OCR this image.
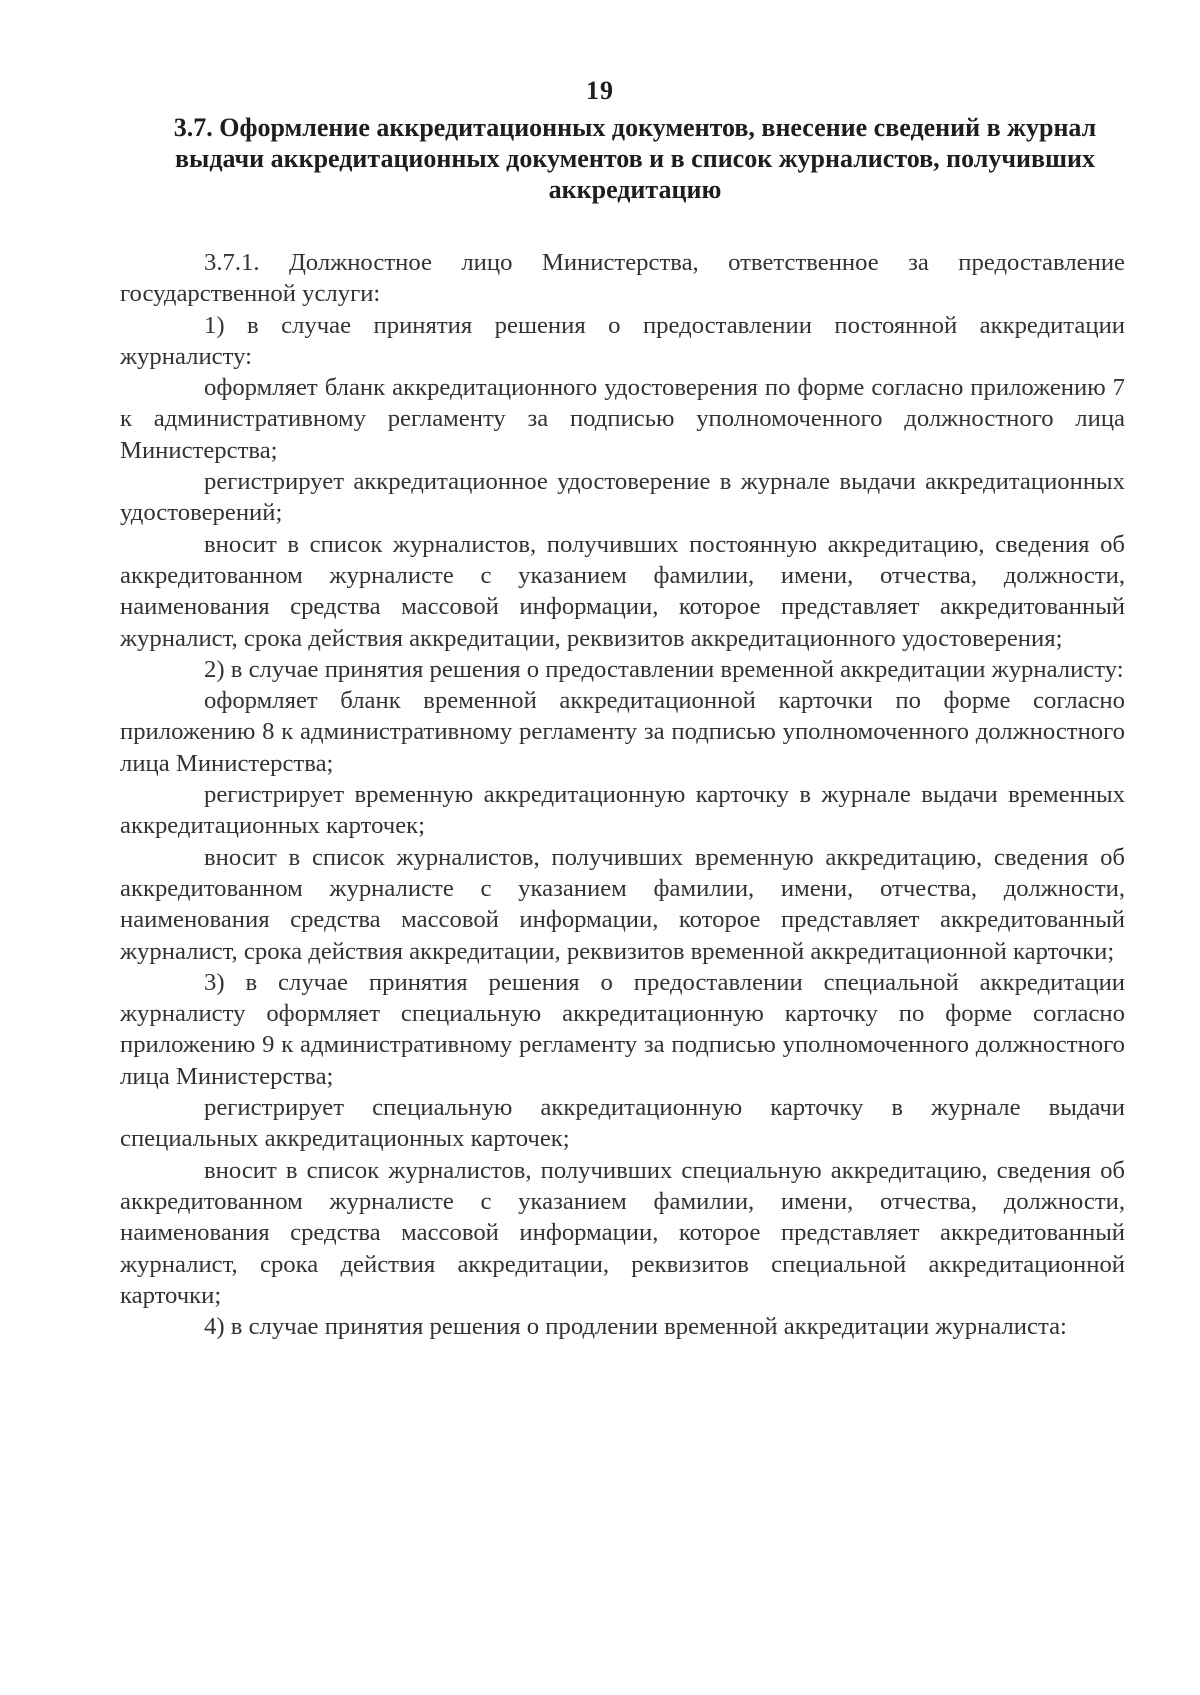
19
3.7. Оформление аккредитационных документов, внесение сведений в журнал выдачи аккредитационных документов и в список журналистов, получивших аккредитацию

3.7.1. Должностное лицо Министерства, ответственное за предоставление государственной услуги:

1) в случае принятия решения о предоставлении постоянной аккредитации журналисту:

оформляет бланк аккредитационного удостоверения по форме согласно приложению 7 к административному регламенту за подписью уполномоченного должностного лица Министерства;

регистрирует аккредитационное удостоверение в журнале выдачи аккредитационных удостоверений;

вносит в список журналистов, получивших постоянную аккредитацию, сведения об аккредитованном журналисте с указанием фамилии, имени, отчества, должности, наименования средства массовой информации, которое представляет аккредитованный журналист, срока действия аккредитации, реквизитов аккредитационного удостоверения;

2) в случае принятия решения о предоставлении временной аккредитации журналисту:

оформляет бланк временной аккредитационной карточки по форме согласно приложению 8 к административному регламенту за подписью уполномоченного должностного лица Министерства;

регистрирует временную аккредитационную карточку в журнале выдачи временных аккредитационных карточек;

вносит в список журналистов, получивших временную аккредитацию, сведения об аккредитованном журналисте с указанием фамилии, имени, отчества, должности, наименования средства массовой информации, которое представляет аккредитованный журналист, срока действия аккредитации, реквизитов временной аккредитационной карточки;

3) в случае принятия решения о предоставлении специальной аккредитации журналисту оформляет специальную аккредитационную карточку по форме согласно приложению 9 к административному регламенту за подписью уполномоченного должностного лица Министерства;

регистрирует специальную аккредитационную карточку в журнале выдачи специальных аккредитационных карточек;

вносит в список журналистов, получивших специальную аккредитацию, сведения об аккредитованном журналисте с указанием фамилии, имени, отчества, должности, наименования средства массовой информации, которое представляет аккредитованный журналист, срока действия аккредитации, реквизитов специальной аккредитационной карточки;

4) в случае принятия решения о продлении временной аккредитации журналиста:
